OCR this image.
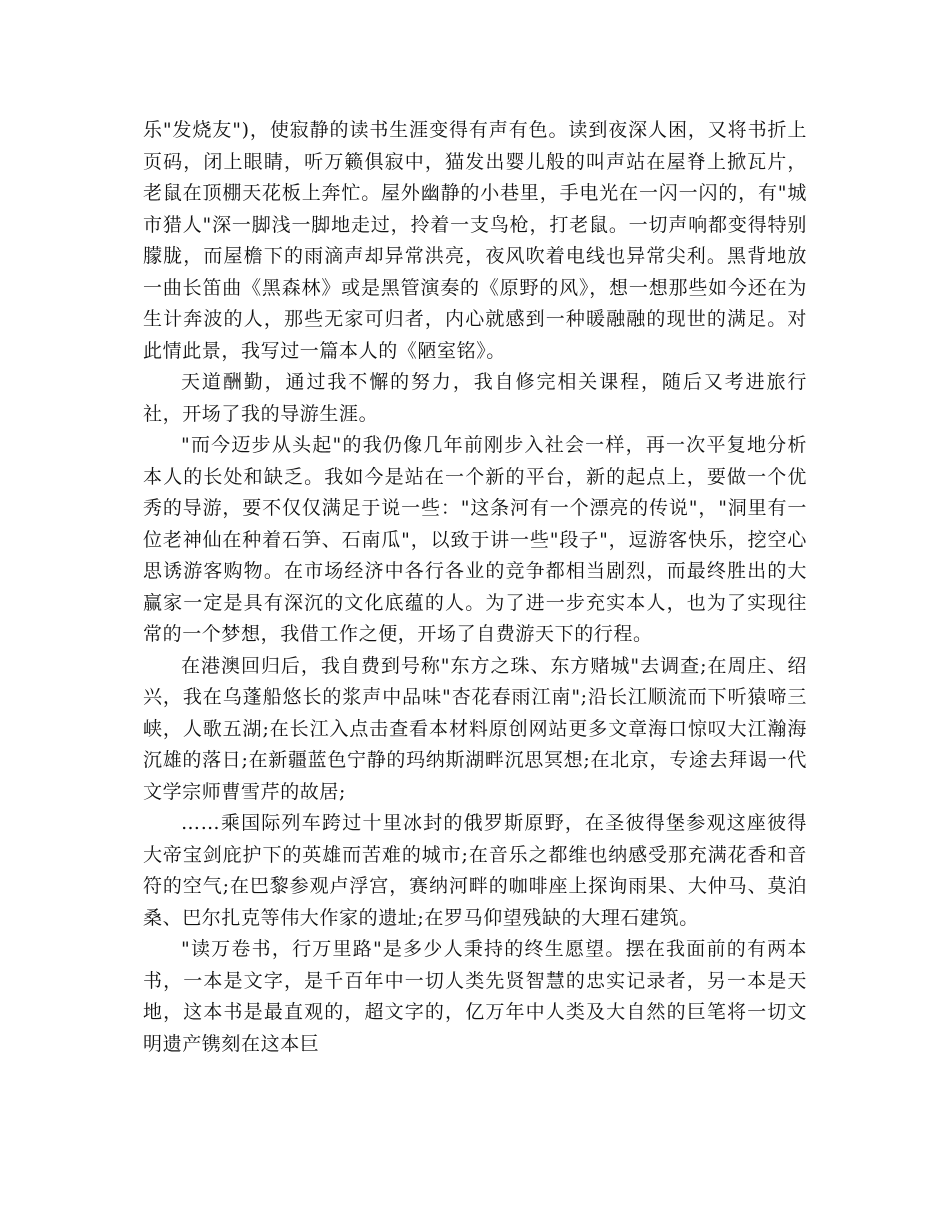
乐"发烧友")，使寂静的读书生涯变得有声有色。读到夜深人困，又将书折上页码，闭上眼睛，听万籁俱寂中，猫发出婴儿般的叫声站在屋脊上掀瓦片，老鼠在顶棚天花板上奔忙。屋外幽静的小巷里，手电光在一闪一闪的，有"城市猎人"深一脚浅一脚地走过，拎着一支鸟枪，打老鼠。一切声响都变得特别朦胧，而屋檐下的雨滴声却异常洪亮，夜风吹着电线也异常尖利。黑背地放一曲长笛曲《黑森林》或是黑管演奏的《原野的风》，想一想那些如今还在为生计奔波的人，那些无家可归者，内心就感到一种暖融融的现世的满足。对此情此景，我写过一篇本人的《陋室铭》。

天道酬勤，通过我不懈的努力，我自修完相关课程，随后又考进旅行社，开场了我的导游生涯。

"而今迈步从头起"的我仍像几年前刚步入社会一样，再一次平复地分析本人的长处和缺乏。我如今是站在一个新的平台，新的起点上，要做一个优秀的导游，要不仅仅满足于说一些："这条河有一个漂亮的传说"，"洞里有一位老神仙在种着石笋、石南瓜"，以致于讲一些"段子"，逗游客快乐，挖空心思诱游客购物。在市场经济中各行各业的竞争都相当剧烈，而最终胜出的大赢家一定是具有深沉的文化底蕴的人。为了进一步充实本人，也为了实现往常的一个梦想，我借工作之便，开场了自费游天下的行程。

在港澳回归后，我自费到号称"东方之珠、东方赌城"去调查;在周庄、绍兴，我在乌蓬船悠长的浆声中品味"杏花春雨江南";沿长江顺流而下听猿啼三峡，人歌五湖;在长江入点击查看本材料原创网站更多文章海口惊叹大江瀚海沉雄的落日;在新疆蓝色宁静的玛纳斯湖畔沉思冥想;在北京，专途去拜谒一代文学宗师曹雪芹的故居;

……乘国际列车跨过十里冰封的俄罗斯原野，在圣彼得堡参观这座彼得大帝宝剑庇护下的英雄而苦难的城市;在音乐之都维也纳感受那充满花香和音符的空气;在巴黎参观卢浮宫，赛纳河畔的咖啡座上探询雨果、大仲马、莫泊桑、巴尔扎克等伟大作家的遗址;在罗马仰望残缺的大理石建筑。

"读万卷书，行万里路"是多少人秉持的终生愿望。摆在我面前的有两本书，一本是文字，是千百年中一切人类先贤智慧的忠实记录者，另一本是天地，这本书是最直观的，超文字的，亿万年中人类及大自然的巨笔将一切文明遗产镌刻在这本巨
